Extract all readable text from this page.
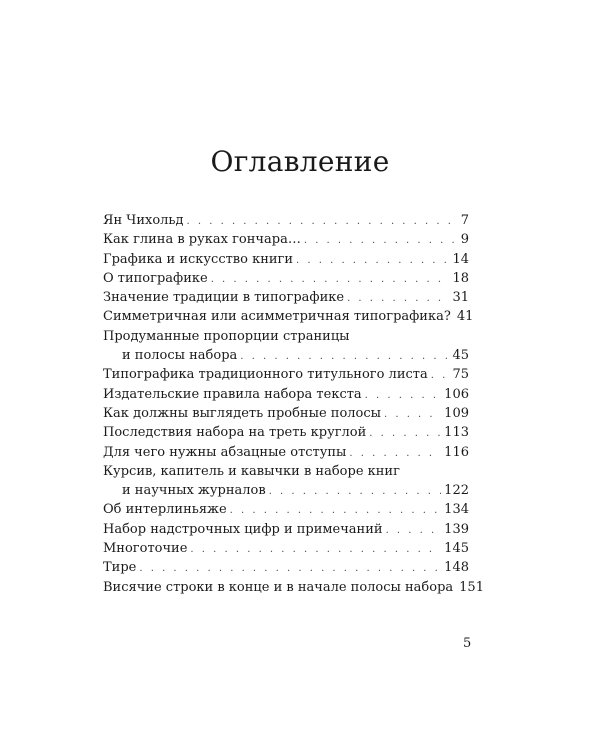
Оглавление
Ян Чихольд . . .	7
Как глина в руках гончара… . . .	9
Графика и искусство книги . . .	14
О типографике . . .	18
Значение традиции в типографике . . .	31
Симметричная или асимметричная типографика? 41
Продуманные пропорции страницы
и полосы набора . . .	45
Типографика традиционного титульного листа . . . 75
Издательские правила набора текста . . .	106
Как должны выглядеть пробные полосы . . .	109
Последствия набора на треть круглой . . .	113
Для чего нужны абзацные отступы . . .	116
Курсив, капитель и кавычки в наборе книг
и научных журналов . . .	122
Об интерлиньяже . . .	134
Набор надстрочных цифр и примечаний . . .	139
Многоточие . . .	145
Тире . . .	148
Висячие строки в конце и в начале полосы набора 151
5
